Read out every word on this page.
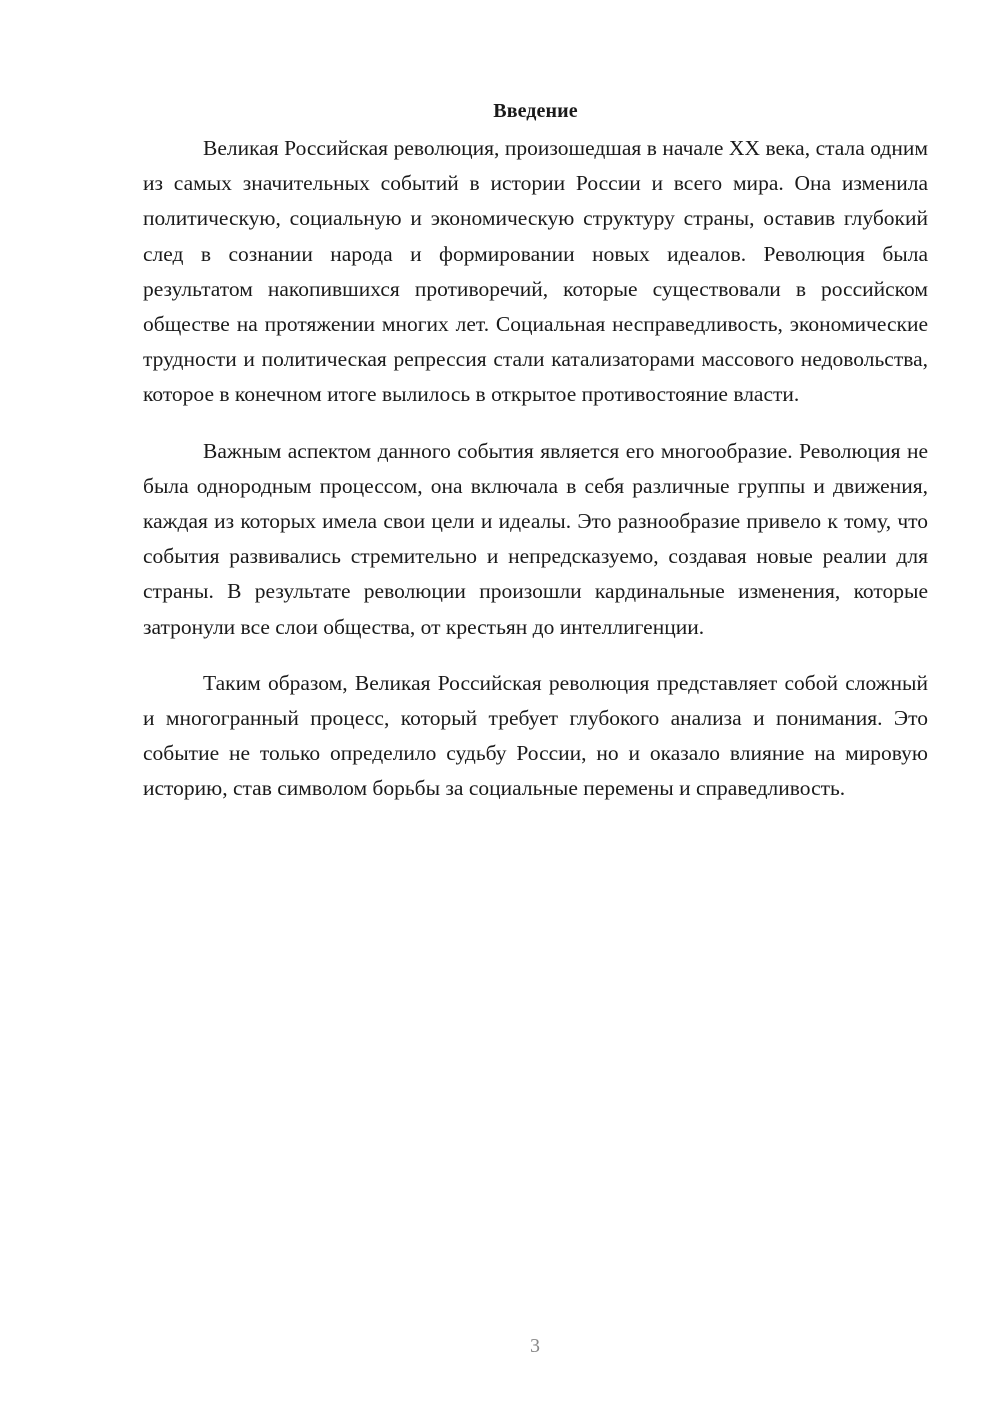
Введение

Великая Российская революция, произошедшая в начале XX века, стала одним из самых значительных событий в истории России и всего мира. Она изменила политическую, социальную и экономическую структуру страны, оставив глубокий след в сознании народа и формировании новых идеалов. Революция была результатом накопившихся противоречий, которые существовали в российском обществе на протяжении многих лет. Социальная несправедливость, экономические трудности и политическая репрессия стали катализаторами массового недовольства, которое в конечном итоге вылилось в открытое противостояние власти.

Важным аспектом данного события является его многообразие. Революция не была однородным процессом, она включала в себя различные группы и движения, каждая из которых имела свои цели и идеалы. Это разнообразие привело к тому, что события развивались стремительно и непредсказуемо, создавая новые реалии для страны. В результате революции произошли кардинальные изменения, которые затронули все слои общества, от крестьян до интеллигенции.

Таким образом, Великая Российская революция представляет собой сложный и многогранный процесс, который требует глубокого анализа и понимания. Это событие не только определило судьбу России, но и оказало влияние на мировую историю, став символом борьбы за социальные перемены и справедливость.

3
